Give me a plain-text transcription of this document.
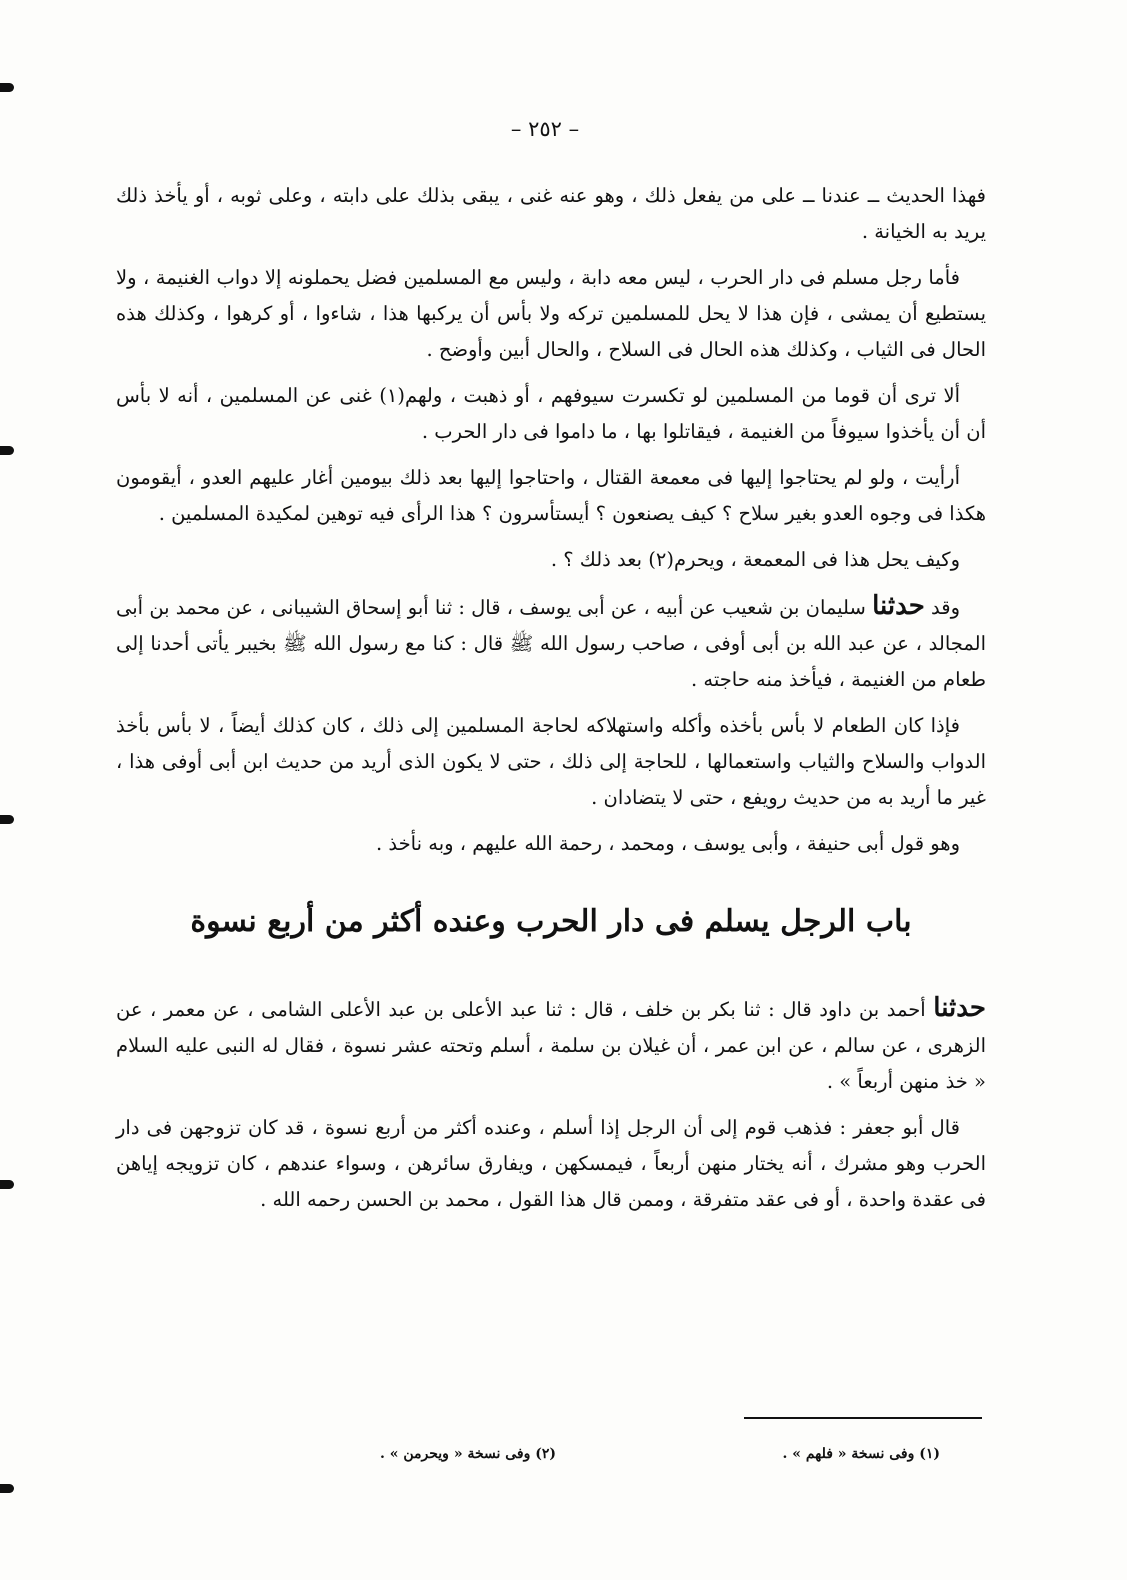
– ٢٥٢ –

فهذا الحديث ــ عندنا ــ على من يفعل ذلك ، وهو عنه غنى ، يبقى بذلك على دابته ، وعلى ثوبه ، أو يأخذ ذلك يريد به الخيانة .

فأما رجل مسلم فى دار الحرب ، ليس معه دابة ، وليس مع المسلمين فضل يحملونه إلا دواب الغنيمة ، ولا يستطيع أن يمشى ، فإن هذا لا يحل للمسلمين تركه ولا بأس أن يركبها هذا ، شاءوا ، أو كرهوا ، وكذلك هذه الحال فى الثياب ، وكذلك هذه الحال فى السلاح ، والحال أبين وأوضح .

ألا ترى أن قوما من المسلمين لو تكسرت سيوفهم ، أو ذهبت ، ولهم(١) غنى عن المسلمين ، أنه لا بأس أن أن يأخذوا سيوفاً من الغنيمة ، فيقاتلوا بها ، ما داموا فى دار الحرب .

أرأيت ، ولو لم يحتاجوا إليها فى معمعة القتال ، واحتاجوا إليها بعد ذلك بيومين أغار عليهم العدو ، أيقومون هكذا فى وجوه العدو بغير سلاح ؟ كيف يصنعون ؟ أيستأسرون ؟ هذا الرأى فيه توهين لمكيدة المسلمين .

وكيف يحل هذا فى المعمعة ، ويحرم(٢) بعد ذلك ؟ .

وقد حدثنا سليمان بن شعيب عن أبيه ، عن أبى يوسف ، قال : ثنا أبو إسحاق الشيبانى ، عن محمد بن أبى المجالد ، عن عبد الله بن أبى أوفى ، صاحب رسول الله ﷺ قال : كنا مع رسول الله ﷺ بخيبر يأتى أحدنا إلى طعام من الغنيمة ، فيأخذ منه حاجته .

فإذا كان الطعام لا بأس بأخذه وأكله واستهلاكه لحاجة المسلمين إلى ذلك ، كان كذلك أيضاً ، لا بأس بأخذ الدواب والسلاح والثياب واستعمالها ، للحاجة إلى ذلك ، حتى لا يكون الذى أريد من حديث ابن أبى أوفى هذا ، غير ما أريد به من حديث رويفع ، حتى لا يتضادان .

وهو قول أبى حنيفة ، وأبى يوسف ، ومحمد ، رحمة الله عليهم ، وبه نأخذ .

باب الرجل يسلم فى دار الحرب وعنده أكثر من أربع نسوة

حدثنا أحمد بن داود قال : ثنا بكر بن خلف ، قال : ثنا عبد الأعلى بن عبد الأعلى الشامى ، عن معمر ، عن الزهرى ، عن سالم ، عن ابن عمر ، أن غيلان بن سلمة ، أسلم وتحته عشر نسوة ، فقال له النبى عليه السلام « خذ منهن أربعاً » .

قال أبو جعفر : فذهب قوم إلى أن الرجل إذا أسلم ، وعنده أكثر من أربع نسوة ، قد كان تزوجهن فى دار الحرب وهو مشرك ، أنه يختار منهن أربعاً ، فيمسكهن ، ويفارق سائرهن ، وسواء عندهم ، كان تزويجه إياهن فى عقدة واحدة ، أو فى عقد متفرقة ، وممن قال هذا القول ، محمد بن الحسن رحمه الله .

(١) وفى نسخة « فلهم » .
(٢) وفى نسخة « ويحرمن » .
